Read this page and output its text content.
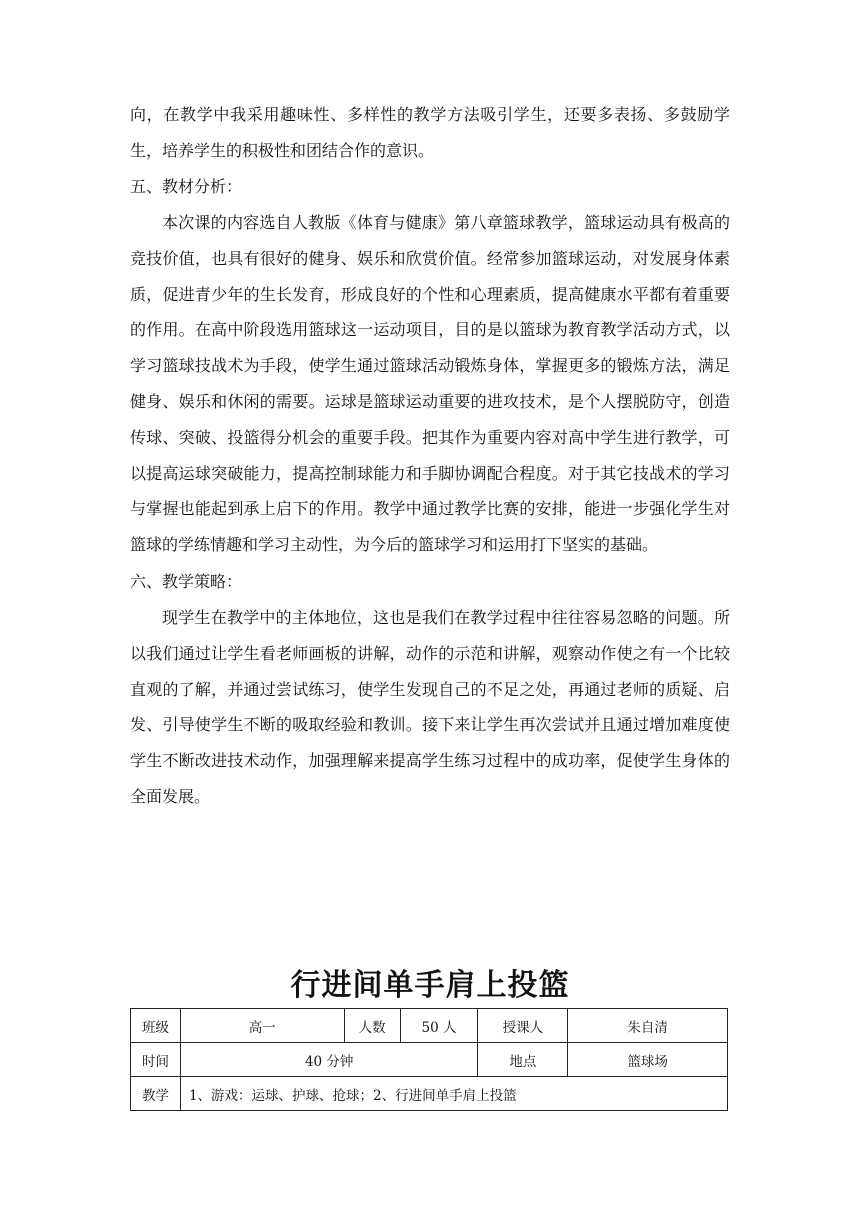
向，在教学中我采用趣味性、多样性的教学方法吸引学生，还要多表扬、多鼓励学生，培养学生的积极性和团结合作的意识。

五、教材分析：

本次课的内容选自人教版《体育与健康》第八章篮球教学，篮球运动具有极高的竞技价值，也具有很好的健身、娱乐和欣赏价值。经常参加篮球运动，对发展身体素质，促进青少年的生长发育，形成良好的个性和心理素质，提高健康水平都有着重要的作用。在高中阶段选用篮球这一运动项目，目的是以篮球为教育教学活动方式，以学习篮球技战术为手段，使学生通过篮球活动锻炼身体，掌握更多的锻炼方法，满足健身、娱乐和休闲的需要。运球是篮球运动重要的进攻技术，是个人摆脱防守，创造传球、突破、投篮得分机会的重要手段。把其作为重要内容对高中学生进行教学，可以提高运球突破能力，提高控制球能力和手脚协调配合程度。对于其它技战术的学习与掌握也能起到承上启下的作用。教学中通过教学比赛的安排，能进一步强化学生对篮球的学练情趣和学习主动性，为今后的篮球学习和运用打下坚实的基础。

六、教学策略：

现学生在教学中的主体地位，这也是我们在教学过程中往往容易忽略的问题。所以我们通过让学生看老师画板的讲解，动作的示范和讲解，观察动作使之有一个比较直观的了解，并通过尝试练习，使学生发现自己的不足之处，再通过老师的质疑、启发、引导使学生不断的吸取经验和教训。接下来让学生再次尝试并且通过增加难度使学生不断改进技术动作，加强理解来提高学生练习过程中的成功率，促使学生身体的全面发展。

行进间单手肩上投篮
班级	高一	人数	50 人	授课人	朱自清
时间	40 分钟			地点	篮球场
教学	1、游戏：运球、护球、抢球；2、行进间单手肩上投篮				
